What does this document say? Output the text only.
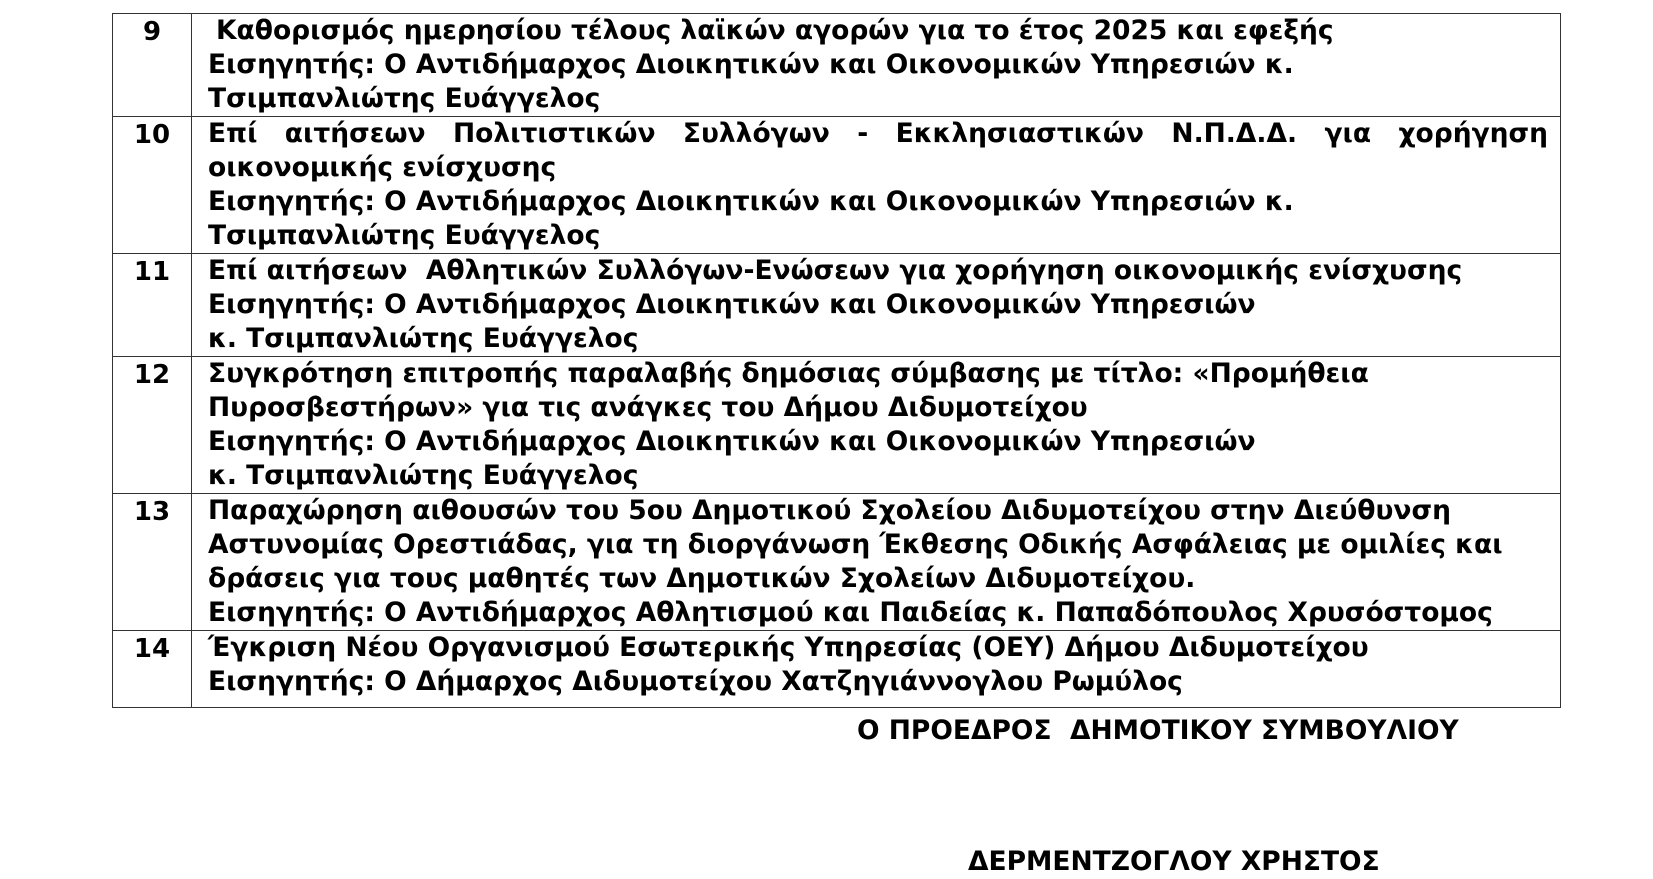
9	Καθορισμός ημερησίου τέλους λαϊκών αγορών για το έτος 2025 και εφεξής
Εισηγητής: Ο Αντιδήμαρχος Διοικητικών και Οικονομικών Υπηρεσιών κ.
Τσιμπανλιώτης Ευάγγελος

10	Επί αιτήσεων Πολιτιστικών Συλλόγων - Εκκλησιαστικών Ν.Π.Δ.Δ. για χορήγηση
οικονομικής ενίσχυσης
Εισηγητής: Ο Αντιδήμαρχος Διοικητικών και Οικονομικών Υπηρεσιών κ.
Τσιμπανλιώτης Ευάγγελος

11	Επί αιτήσεων  Αθλητικών Συλλόγων-Ενώσεων για χορήγηση οικονομικής ενίσχυσης
Εισηγητής: Ο Αντιδήμαρχος Διοικητικών και Οικονομικών Υπηρεσιών
κ. Τσιμπανλιώτης Ευάγγελος

12	Συγκρότηση επιτροπής παραλαβής δημόσιας σύμβασης με τίτλο: «Προμήθεια
Πυροσβεστήρων» για τις ανάγκες του Δήμου Διδυμοτείχου
Εισηγητής: Ο Αντιδήμαρχος Διοικητικών και Οικονομικών Υπηρεσιών
κ. Τσιμπανλιώτης Ευάγγελος

13	Παραχώρηση αιθουσών του 5ου Δημοτικού Σχολείου Διδυμοτείχου στην Διεύθυνση
Αστυνομίας Ορεστιάδας, για τη διοργάνωση Έκθεσης Οδικής Ασφάλειας με ομιλίες και
δράσεις για τους μαθητές των Δημοτικών Σχολείων Διδυμοτείχου.
Εισηγητής: Ο Αντιδήμαρχος Αθλητισμού και Παιδείας κ. Παπαδόπουλος Χρυσόστομος

14	Έγκριση Νέου Οργανισμού Εσωτερικής Υπηρεσίας (ΟΕΥ) Δήμου Διδυμοτείχου
Εισηγητής: Ο Δήμαρχος Διδυμοτείχου Χατζηγιάννογλου Ρωμύλος
Ο ΠΡΟΕΔΡΟΣ  ΔΗΜΟΤΙΚΟΥ ΣΥΜΒΟΥΛΙΟΥ
ΔΕΡΜΕΝΤΖΟΓΛΟΥ ΧΡΗΣΤΟΣ
